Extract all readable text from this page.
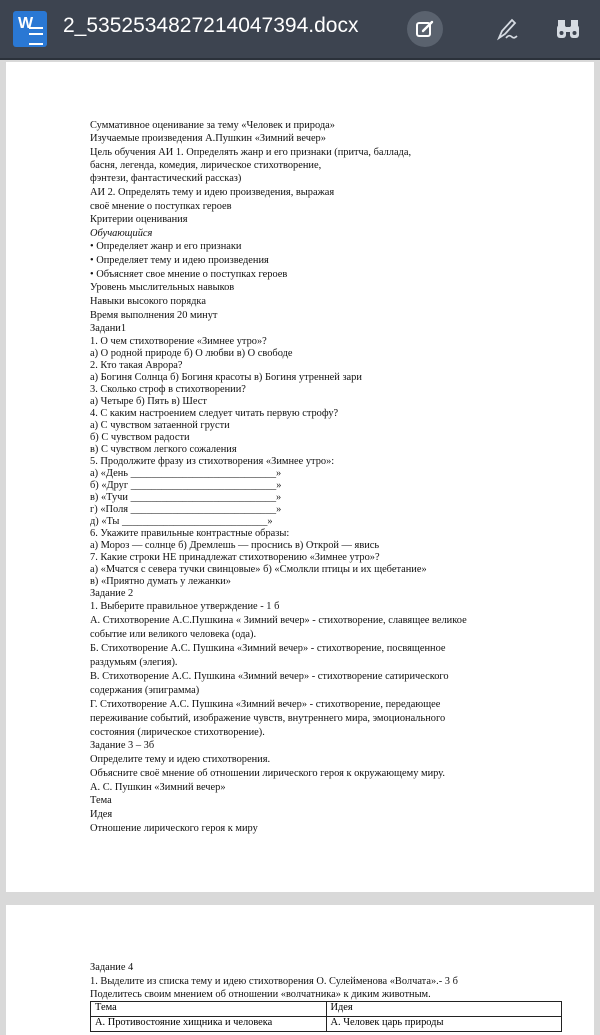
W 2_5352534827214047394.docx
Суммативное оценивание за тему «Человек и природа»
Изучаемые произведения А.Пушкин «Зимний вечер»
Цель обучения АИ 1. Определять жанр и его признаки (притча, баллада,
басня, легенда, комедия, лирическое стихотворение,
фэнтези, фантастический рассказ)
АИ 2. Определять тему и идею произведения, выражая
своё мнение о поступках героев
Критерии оценивания
Обучающийся
• Определяет жанр и его признаки
• Определяет тему и идею произведения
• Объясняет свое мнение о поступках героев
Уровень мыслительных навыков
Навыки высокого порядка
Время выполнения 20 минут
Задани1
1. О чем стихотворение «Зимнее утро»?
а) О родной природе б) О любви в) О свободе
2. Кто такая Аврора?
а) Богиня Солнца б) Богиня красоты в) Богиня утренней зари
3. Сколько строф в стихотворении?
а) Четыре б) Пять в) Шест
4. С каким настроением следует читать первую строфу?
а) С чувством затаенной грусти
б) С чувством радости
в) С чувством легкого сожаления
5. Продолжите фразу из стихотворения «Зимнее утро»:
а) «День ____________________________»
б) «Друг ____________________________»
в) «Тучи ____________________________»
г) «Поля ____________________________»
д) «Ты ____________________________»
6. Укажите правильные контрастные образы:
а) Мороз — солнце б) Дремлешь — проснись в) Открой — явись
7. Какие строки НЕ принадлежат стихотворению «Зимнее утро»?
а) «Мчатся с севера тучки свинцовые» б) «Смолкли птицы и их щебетание»
в) «Приятно думать у лежанки»
Задание 2
1. Выберите правильное утверждение - 1 б
А. Стихотворение А.С.Пушкина « Зимний вечер» - стихотворение, славящее великое
событие или великого человека (ода).
Б. Стихотворение А.С. Пушкина «Зимний вечер» - стихотворение, посвященное
раздумьям (элегия).
В. Стихотворение А.С. Пушкина «Зимний вечер» - стихотворение сатирического
содержания (эпиграмма)
Г. Стихотворение А.С. Пушкина «Зимний вечер» - стихотворение, передающее
переживание событий, изображение чувств, внутреннего мира, эмоционального
состояния (лирическое стихотворение).
Задание 3 – 3б
Определите тему и идею стихотворения.
Объясните своё мнение об отношении лирического героя к окружающему миру.
А. С. Пушкин «Зимний вечер»
Тема
Идея
Отношение лирического героя к миру
Задание 4
1. Выделите из списка тему и идею стихотворения О. Сулейменова «Волчата».- 3 б
Поделитесь своим мнением об отношении «волчатника» к диким животным.
Тема	Идея
А. Противостояние хищника и человека	А. Человек царь природы
